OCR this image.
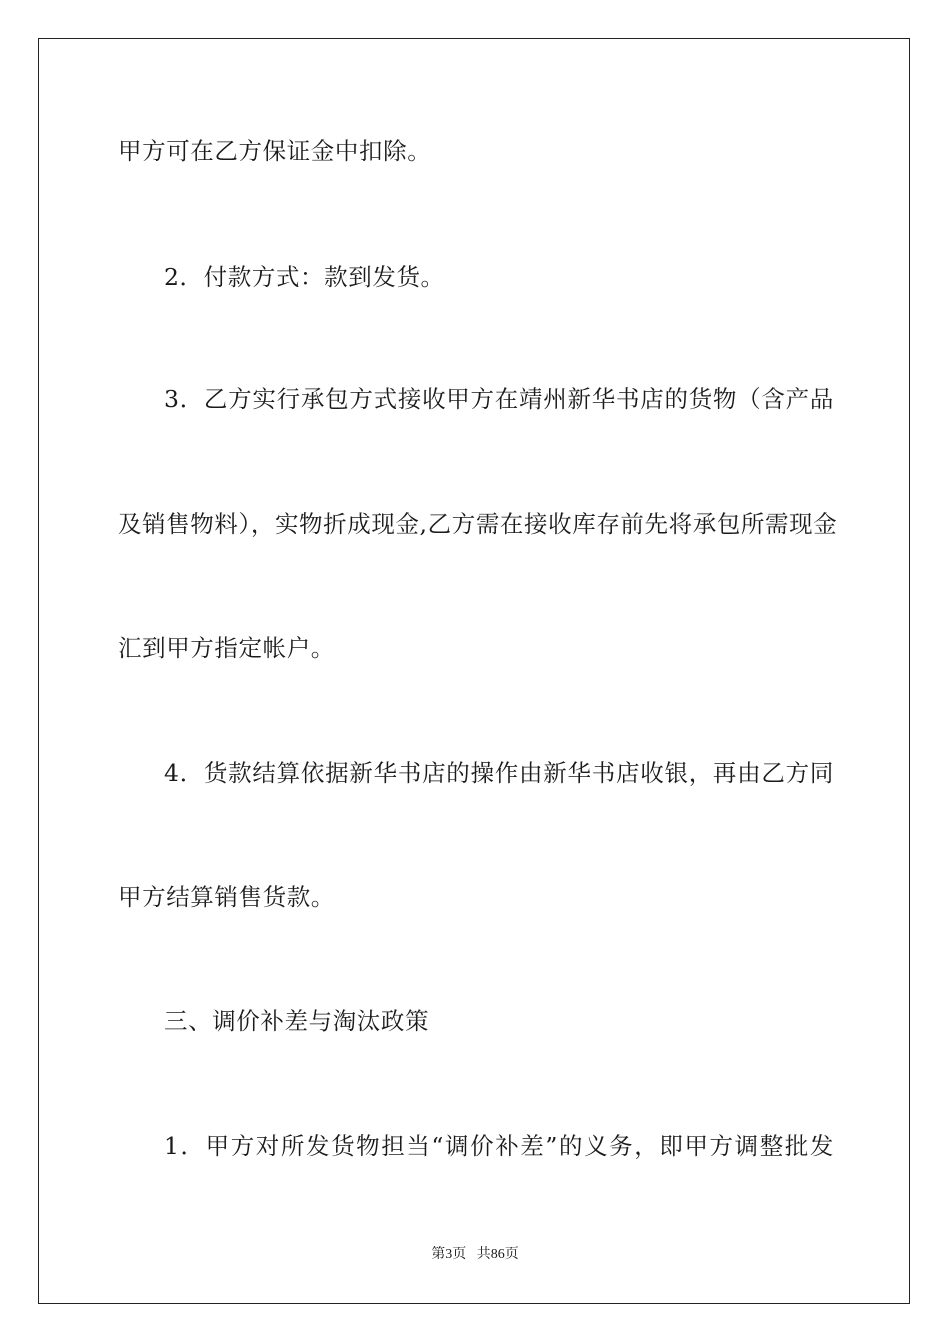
甲方可在乙方保证金中扣除。
2．付款方式：款到发货。
3．乙方实行承包方式接收甲方在靖州新华书店的货物（含产品
及销售物料），实物折成现金,乙方需在接收库存前先将承包所需现金
汇到甲方指定帐户。
4．货款结算依据新华书店的操作由新华书店收银，再由乙方同
甲方结算销售货款。
三、调价补差与淘汰政策
1．甲方对所发货物担当“调价补差”的义务，即甲方调整批发
第3页 共86页
